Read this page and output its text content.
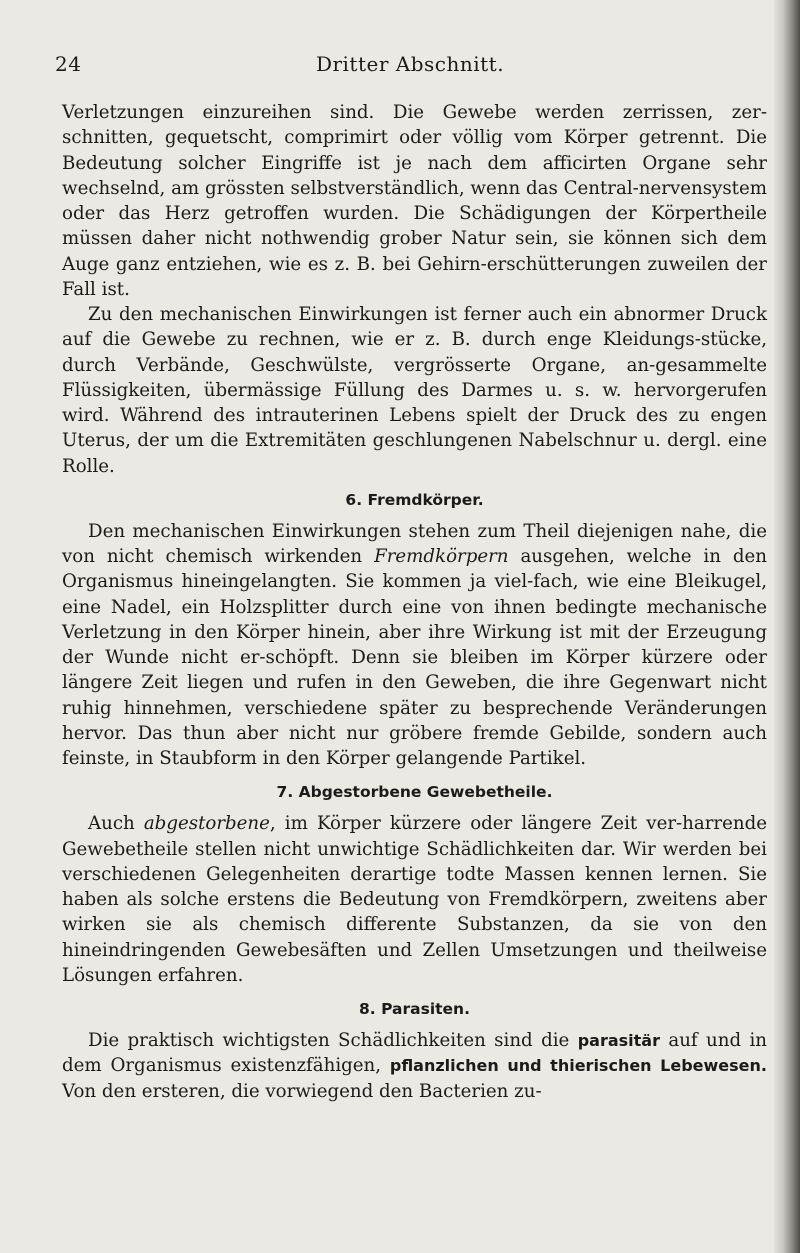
24	Dritter Abschnitt.

Verletzungen einzureihen sind. Die Gewebe werden zerrissen, zer-schnitten, gequetscht, comprimirt oder völlig vom Körper getrennt. Die Bedeutung solcher Eingriffe ist je nach dem afficirten Organe sehr wechselnd, am grössten selbstverständlich, wenn das Central-nervensystem oder das Herz getroffen wurden. Die Schädigungen der Körpertheile müssen daher nicht nothwendig grober Natur sein, sie können sich dem Auge ganz entziehen, wie es z. B. bei Gehirn-erschütterungen zuweilen der Fall ist.

Zu den mechanischen Einwirkungen ist ferner auch ein abnormer Druck auf die Gewebe zu rechnen, wie er z. B. durch enge Kleidungs-stücke, durch Verbände, Geschwülste, vergrösserte Organe, an-gesammelte Flüssigkeiten, übermässige Füllung des Darmes u. s. w. hervorgerufen wird. Während des intrauterinen Lebens spielt der Druck des zu engen Uterus, der um die Extremitäten geschlungenen Nabelschnur u. dergl. eine Rolle.

6. Fremdkörper.

Den mechanischen Einwirkungen stehen zum Theil diejenigen nahe, die von nicht chemisch wirkenden Fremdkörpern ausgehen, welche in den Organismus hineingelangten. Sie kommen ja viel-fach, wie eine Bleikugel, eine Nadel, ein Holzsplitter durch eine von ihnen bedingte mechanische Verletzung in den Körper hinein, aber ihre Wirkung ist mit der Erzeugung der Wunde nicht er-schöpft. Denn sie bleiben im Körper kürzere oder längere Zeit liegen und rufen in den Geweben, die ihre Gegenwart nicht ruhig hinnehmen, verschiedene später zu besprechende Veränderungen hervor. Das thun aber nicht nur gröbere fremde Gebilde, sondern auch feinste, in Staubform in den Körper gelangende Partikel.

7. Abgestorbene Gewebetheile.

Auch abgestorbene, im Körper kürzere oder längere Zeit ver-harrende Gewebetheile stellen nicht unwichtige Schädlichkeiten dar. Wir werden bei verschiedenen Gelegenheiten derartige todte Massen kennen lernen. Sie haben als solche erstens die Bedeutung von Fremdkörpern, zweitens aber wirken sie als chemisch differente Substanzen, da sie von den hineindringenden Gewebesäften und Zellen Umsetzungen und theilweise Lösungen erfahren.

8. Parasiten.

Die praktisch wichtigsten Schädlichkeiten sind die parasitär auf und in dem Organismus existenzfähigen, pflanzlichen und thierischen Lebewesen. Von den ersteren, die vorwiegend den Bacterien zu-
